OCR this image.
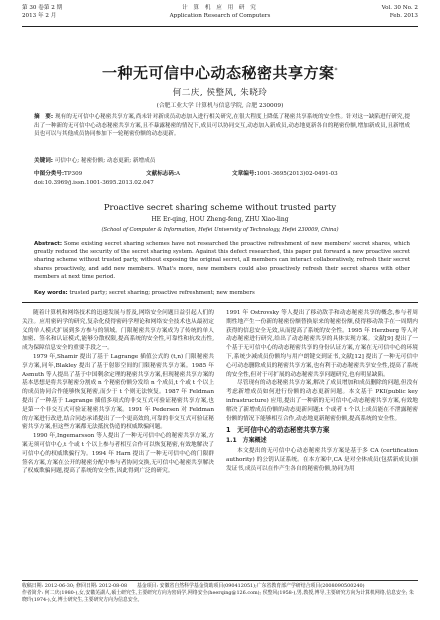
第 30 卷第 2 期
2013 年 2 月
计 算 机 应 用 研 究
Application Research of Computers
Vol. 30 No. 2
Feb. 2013
一种无可信中心动态秘密共享方案*
何二庆, 侯整风, 朱晓玲
(合肥工业大学 计算机与信息学院, 合肥 230009)
摘　要: 现有的无可信中心秘密共享方案,尚未针对新成员动态加入进行相关研究,在很大程度上降低了秘密共享系统的安全性。针对这一缺陷进行研究,提出了一种新的无可信中心动态秘密共享方案,且不暴露秘密的情况下,成员可以协同交互,动态加入新成员,动态地更新各自的秘密份额,增加新成员,且新增成员也可以与其他成员协同参加下一轮秘密份额的动态更新。
关键词: 可信中心; 秘密份额; 动态更新; 新增成员
中图分类号:TP309	文献标志码:A	文章编号:1001-3695(2013)02-0491-03
doi:10.3969/j.issn.1001-3695.2013.02.047
Proactive secret sharing scheme without trusted party
HE Er-qing, HOU Zheng-feng, ZHU Xiao-ling
(School of Computer & Information, Hefei University of Technology, Hefei 230009, China)
Abstract: Some existing secret sharing schemes have not researched the proactive refreshment of new members' secret shares, which greatly reduced the security of the secret sharing system. Against this defect researched, this paper put forward a new proactive secret sharing scheme without trusted party, without exposing the original secret, all members can interact collaboratively, refresh their secret shares proactively, and add new members. What's more, new members could also proactively refresh their secret shares with other members at next time period.
Key words: trusted party; secret sharing; proactive refreshment; new members

随着计算机和网络技术的迅速发展与普及,网络安全问题日益引起人们的关注。应用密码学的研究,复杂化使得密码学理论和网络安全技术也从最初定义的单人模式扩展到多方参与的领域。门限秘密共享方案成为了传统的单人加密、签名和认证模式,能够分散权限,提高系统的安全性,可靠性和抗攻击性,成为保障信息安全的重要手段之一。

1979 年,Shamir 提出了基于 Lagrange 插值公式的 (t,n) 门限秘密共享方案,同年,Blakley 提出了基于射影空间的门限秘密共享方案。1985 年 Asmuth 等人提出了基于中国剩余定理的秘密共享方案,但现秘密共享方案的基本思想是将共享秘密分割成 n 个秘密份额分发给 n 个成员,t 个或 t 个以上的成员协同合作能够恢复秘密,而少于 t 个则无法恢复。1987 年 Feldman 提出了一种基于 Lagrange 插值多项式的非交互式可验证秘密共享方案,也是第一个非交互式可验证秘密共享方案。1991 年 Pedersen 对 Feldman 的方案进行改进,结合同态承诺提出了一个更高效的,可靠的非交互式可验证秘密共享方案,但这些方案都无法抵抗伪造的权威欺骗问题。

1990 年,Ingemarsson 等人提出了一种无可信中心的秘密共享方案,方案无须可信中心,t 个或 t 个以上参与者相互合作可以恢复秘密,有效地解决了可信中心的权威欺骗行为。1994 年 Harn 提出了一种无可信中心的门限群签名方案,方案在公开的秘密分配中参与者协同交换,无可信中心秘密共享解决了权威欺骗问题,提高了系统的安全性,因此得到广泛的研究。

1991 年 Ostrovsky 等人提出了移动敌手和动态秘密共享的概念,参与者周期性地产生一份新的秘密份额替换原来的秘密份额,使得移动敌手在一周期内获得的信息安全无效,从而提高了系统的安全性。1995 年 Herzberg 等人对动态秘密进行研究,给出了动态秘密共享的具体实现方案。文献[9] 提出了一个基于无可信中心的动态秘密共享的身份认证方案,方案在无可信中心的环境下,系统少减成员份额均与用户朗键交到证书,文献[12] 提出了一种无可信中心可动态删除成员的秘密共享方案,也有利于动态秘密共享安全性,提高了系统的安全性,但对于可扩展的动态秘密共享问题研究,也有明显缺陷。

尽管现有的动态秘密共享方案,解决了成员增加和成员删除的问题,但没有考虑新增成员如何进行份额的动态更新问题。本文基于 PKI(public key infrastructure) 应用,提出了一种新的无可信中心动态秘密共享方案,有效地解决了新增成员份额的动态更新问题;t 个或者 t 个以上成员能在不泄露秘密份额的情况下能够相互合作,动态地更新秘密份额,提高系统的安全性。

1　无可信中心的动态秘密共享方案
1.1　方案概述

本文提出的无可信中心动态秘密共享方案是基于多 CA (certification authority) 的公钥认证系统。在本方案中,CA 是对全体成员(包括新成员)颁发证书,成员可以在作产生各自的秘密份额,协同为用

收稿日期: 2012-06-30; 修回日期: 2012-08-08　　基金项目: 安徽省自然科学基金资助项目(090412051);广东省教育部产学研结合项目(2008090500240)
作者简介: 何二庆(1980-),女,安徽芜湖人,硕士研究生,主要研究方向为密码学,网络安全(heerqing@126.com); 侯整风(1958-),男,教授,博导,主要研究方向为计算机网络,信息安全; 朱晓玲(1974-),女,博士研究生,主要研究方向为信息安全。
